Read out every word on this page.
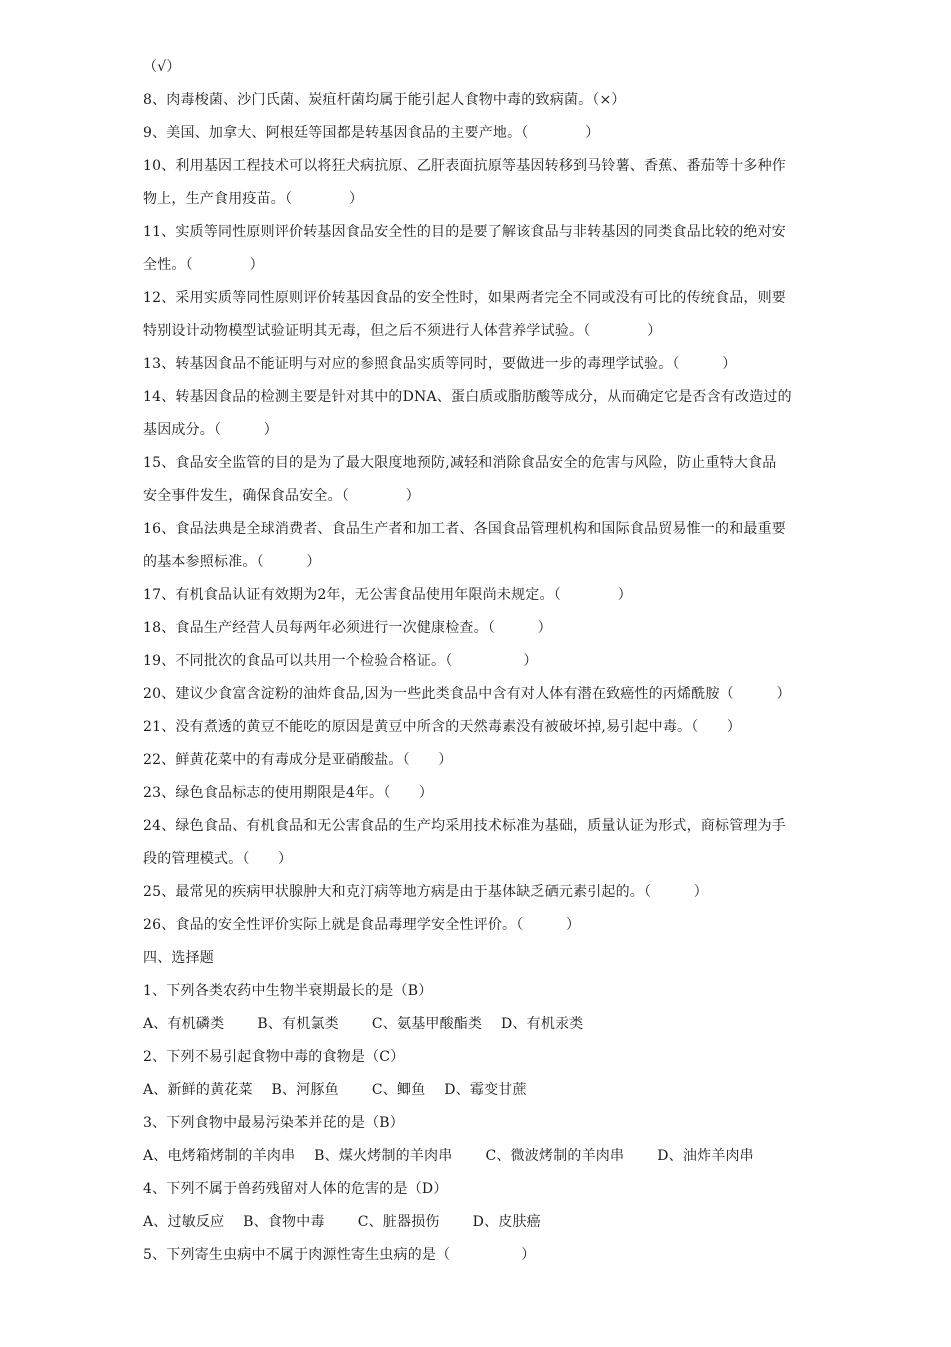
（√）
8、肉毒梭菌、沙门氏菌、炭疽杆菌均属于能引起人食物中毒的致病菌。（×）
9、美国、加拿大、阿根廷等国都是转基因食品的主要产地。（　　　　）
10、利用基因工程技术可以将狂犬病抗原、乙肝表面抗原等基因转移到马铃薯、香蕉、番茄等十多种作
物上，生产食用疫苗。（　　　　）
11、实质等同性原则评价转基因食品安全性的目的是要了解该食品与非转基因的同类食品比较的绝对安
全性。（　　　　）
12、采用实质等同性原则评价转基因食品的安全性时，如果两者完全不同或没有可比的传统食品，则要
特别设计动物模型试验证明其无毒，但之后不须进行人体营养学试验。（　　　　）
13、转基因食品不能证明与对应的参照食品实质等同时，要做进一步的毒理学试验。（　　　）
14、转基因食品的检测主要是针对其中的DNA、蛋白质或脂肪酸等成分，从而确定它是否含有改造过的
基因成分。（　　　）
15、食品安全监管的目的是为了最大限度地预防,减轻和消除食品安全的危害与风险，防止重特大食品
安全事件发生，确保食品安全。（　　　　）
16、食品法典是全球消费者、食品生产者和加工者、各国食品管理机构和国际食品贸易惟一的和最重要
的基本参照标准。（　　　）
17、有机食品认证有效期为2年，无公害食品使用年限尚未规定。（　　　　）
18、食品生产经营人员每两年必须进行一次健康检查。（　　　）
19、不同批次的食品可以共用一个检验合格证。（　　　　　）
20、建议少食富含淀粉的油炸食品,因为一些此类食品中含有对人体有潜在致癌性的丙烯酰胺（　　　）
21、没有煮透的黄豆不能吃的原因是黄豆中所含的天然毒素没有被破坏掉,易引起中毒。（　　）
22、鲜黄花菜中的有毒成分是亚硝酸盐。（　　）
23、绿色食品标志的使用期限是4年。（　　）
24、绿色食品、有机食品和无公害食品的生产均采用技术标准为基础，质量认证为形式，商标管理为手
段的管理模式。（　　）
25、最常见的疾病甲状腺肿大和克汀病等地方病是由于基体缺乏硒元素引起的。（　　　）
26、食品的安全性评价实际上就是食品毒理学安全性评价。（　　　）
四、选择题
1、下列各类农药中生物半衰期最长的是（B）
A、有机磷类　　 B、有机氯类　　 C、氨基甲酸酯类　 D、有机汞类
2、下列不易引起食物中毒的食物是（C）
A、新鲜的黄花菜　 B、河豚鱼　　 C、鲫鱼　 D、霉变甘蔗
3、下列食物中最易污染苯并芘的是（B）
A、电烤箱烤制的羊肉串　 B、煤火烤制的羊肉串　　 C、微波烤制的羊肉串　　 D、油炸羊肉串
4、下列不属于兽药残留对人体的危害的是（D）
A、过敏反应　 B、食物中毒　　 C、脏器损伤　　 D、皮肤癌
5、下列寄生虫病中不属于肉源性寄生虫病的是（　　　　　）
